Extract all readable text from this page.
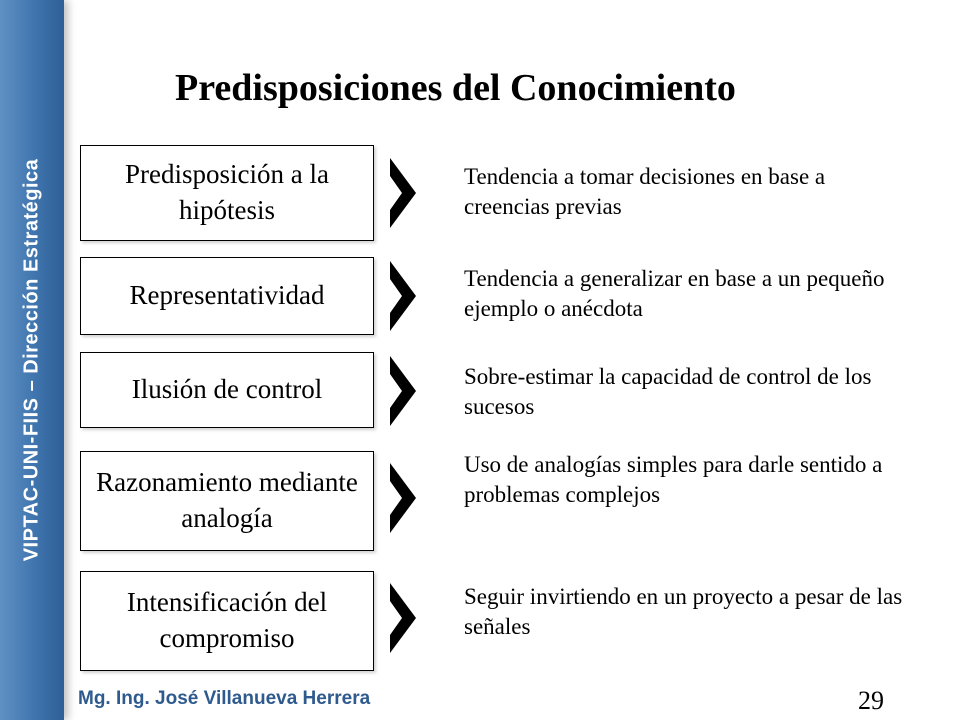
VIPTAC-UNI-FIIS – Dirección Estratégica
Predisposiciones del Conocimiento
Predisposición a la hipótesis
Tendencia a tomar decisiones en base a creencias previas
Representatividad
Tendencia a generalizar en base a un pequeño ejemplo o anécdota
Ilusión de control	Sobre-estimar la capacidad de control de los sucesos
Razonamiento mediante analogía
Uso de analogías simples para darle sentido a problemas complejos
Intensificación del compromiso
Seguir invirtiendo en un proyecto a pesar de las señales
Mg. Ing. José Villanueva Herrera	29
